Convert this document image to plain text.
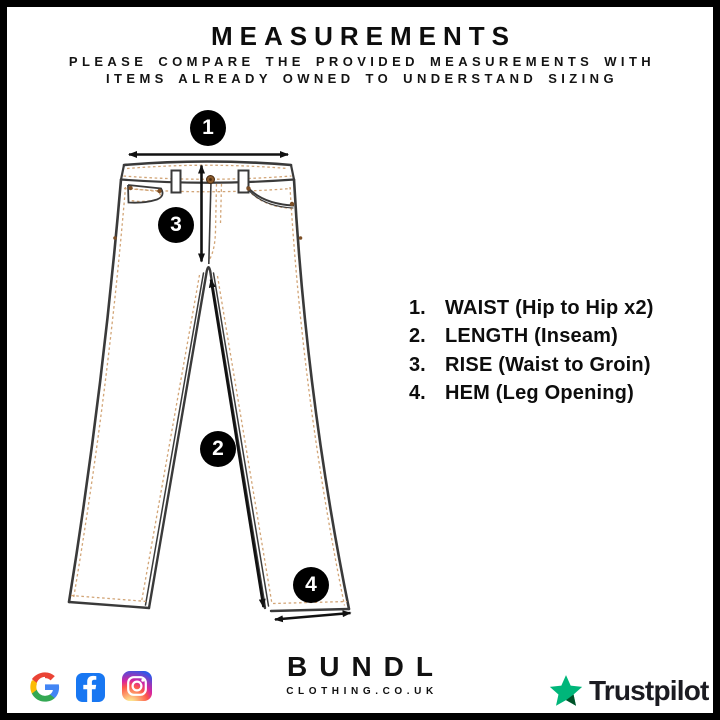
MEASUREMENTS
PLEASE COMPARE THE PROVIDED MEASUREMENTS WITH
ITEMS ALREADY OWNED TO UNDERSTAND SIZING
1
2
3
4
1. WAIST (Hip to Hip x2)
2. LENGTH (Inseam)
3. RISE (Waist to Groin)
4. HEM (Leg Opening)
BUNDL
CLOTHING.CO.UK	Trustpilot
